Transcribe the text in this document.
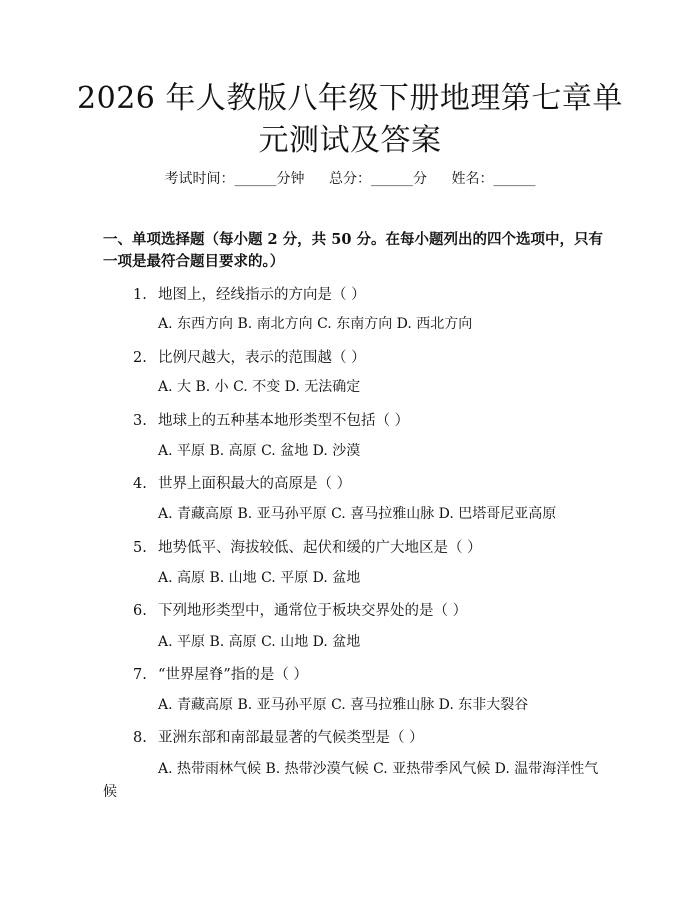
2026 年人教版八年级下册地理第七章单元测试及答案
考试时间：______分钟 总分：______分 姓名：______
一、单项选择题（每小题 2 分，共 50 分。在每小题列出的四个选项中，只有一项是最符合题目要求的。）
1. 地图上，经线指示的方向是（ ）
A. 东西方向 B. 南北方向 C. 东南方向 D. 西北方向
2. 比例尺越大，表示的范围越（ ）
A. 大 B. 小 C. 不变 D. 无法确定
3. 地球上的五种基本地形类型不包括（ ）
A. 平原 B. 高原 C. 盆地 D. 沙漠
4. 世界上面积最大的高原是（ ）
A. 青藏高原 B. 亚马孙平原 C. 喜马拉雅山脉 D. 巴塔哥尼亚高原
5. 地势低平、海拔较低、起伏和缓的广大地区是（ ）
A. 高原 B. 山地 C. 平原 D. 盆地
6. 下列地形类型中，通常位于板块交界处的是（ ）
A. 平原 B. 高原 C. 山地 D. 盆地
7. “世界屋脊”指的是（ ）
A. 青藏高原 B. 亚马孙平原 C. 喜马拉雅山脉 D. 东非大裂谷
8. 亚洲东部和南部最显著的气候类型是（ ）
A. 热带雨林气候 B. 热带沙漠气候 C. 亚热带季风气候 D. 温带海洋性气候
